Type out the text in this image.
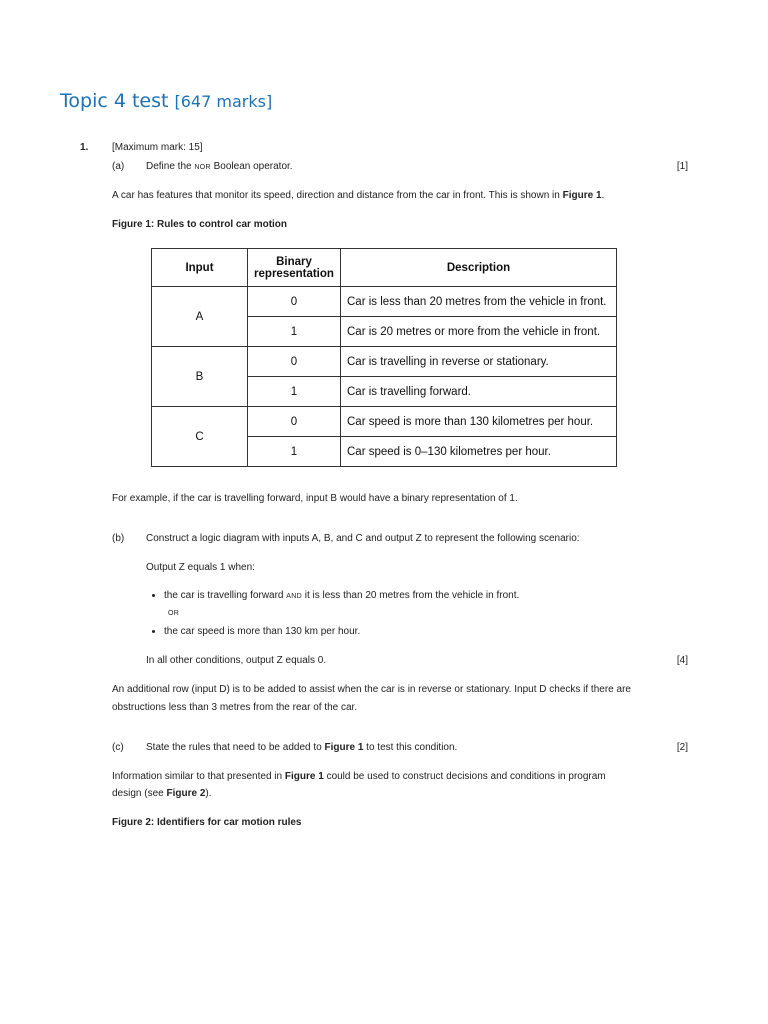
Topic 4 test [647 marks]
1. [Maximum mark: 15]
(a) Define the NOR Boolean operator.	[1]
A car has features that monitor its speed, direction and distance from the car in front. This is shown in Figure 1.
Figure 1: Rules to control car motion
Input	Binary representation	Description
A	0	Car is less than 20 metres from the vehicle in front.
	1	Car is 20 metres or more from the vehicle in front.
B	0	Car is travelling in reverse or stationary.
	1	Car is travelling forward.
C	0	Car speed is more than 130 kilometres per hour.
	1	Car speed is 0–130 kilometres per hour.
For example, if the car is travelling forward, input B would have a binary representation of 1.
(b) Construct a logic diagram with inputs A, B, and C and output Z to represent the following scenario:
Output Z equals 1 when:
• the car is travelling forward AND it is less than 20 metres from the vehicle in front.
OR
• the car speed is more than 130 km per hour.
In all other conditions, output Z equals 0.	[4]
An additional row (input D) is to be added to assist when the car is in reverse or stationary. Input D checks if there are
obstructions less than 3 metres from the rear of the car.
(c) State the rules that need to be added to Figure 1 to test this condition.	[2]
Information similar to that presented in Figure 1 could be used to construct decisions and conditions in program
design (see Figure 2).
Figure 2: Identifiers for car motion rules
